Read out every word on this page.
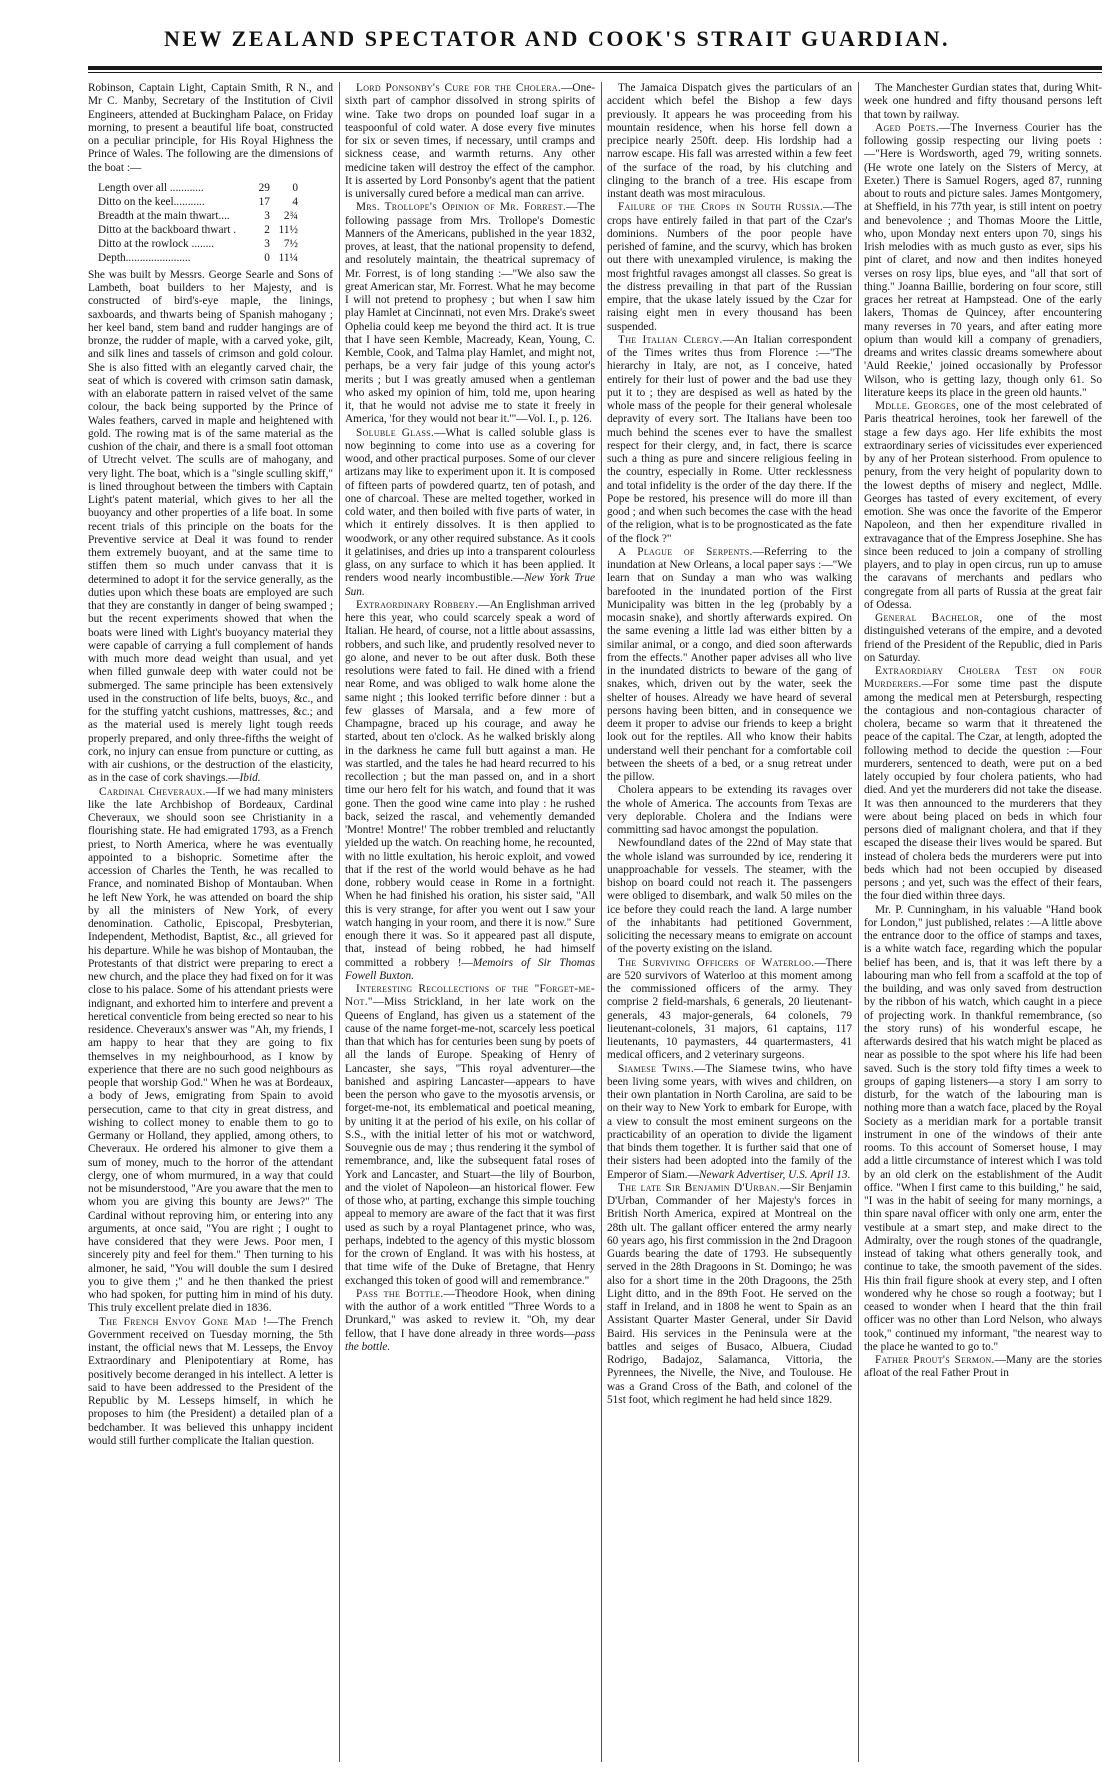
NEW ZEALAND SPECTATOR AND COOK'S STRAIT GUARDIAN.

Robinson, Captain Light, Captain Smith, R N., and Mr C. Manby, Secretary of the Institution of Civil Engineers, attended at Buckingham Palace, on Friday morning, to present a beautiful life boat, constructed on a peculiar principle, for His Royal Highness the Prince of Wales. The following are the dimensions of the boat :—

Length over all ............	29	0
Ditto on the keel...........	17	4
Breadth at the main thwart....	3	2¾
Ditto at the backboard thwart .	2	11½
Ditto at the rowlock ........	3	7½
Depth.......................	0	11¼

She was built by Messrs. George Searle and Sons of Lambeth, boat builders to her Majesty, and is constructed of bird's-eye maple, the linings, saxboards, and thwarts being of Spanish mahogany ; her keel band, stem band and rudder hangings are of bronze, the rudder of maple, with a carved yoke, gilt, and silk lines and tassels of crimson and gold colour. She is also fitted with an elegantly carved chair, the seat of which is covered with crimson satin damask, with an elaborate pattern in raised velvet of the same colour, the back being supported by the Prince of Wales feathers, carved in maple and heightened with gold. The rowing mat is of the same material as the cushion of the chair, and there is a small foot ottoman of Utrecht velvet. The sculls are of mahogany, and very light. The boat, which is a "single sculling skiff," is lined throughout between the timbers with Captain Light's patent material, which gives to her all the buoyancy and other properties of a life boat. In some recent trials of this principle on the boats for the Preventive service at Deal it was found to render them extremely buoyant, and at the same time to stiffen them so much under canvass that it is determined to adopt it for the service generally, as the duties upon which these boats are employed are such that they are constantly in danger of being swamped ; but the recent experiments showed that when the boats were lined with Light's buoyancy material they were capable of carrying a full complement of hands with much more dead weight than usual, and yet when filled gunwale deep with water could not be submerged. The same principle has been extensively used in the construction of life belts, buoys, &c., and for the stuffing yatcht cushions, mattresses, &c.; and as the material used is merely light tough reeds properly prepared, and only three-fifths the weight of cork, no injury can ensue from puncture or cutting, as with air cushions, or the destruction of the elasticity, as in the case of cork shavings.—Ibid.

Cardinal Cheveraux.—If we had many ministers like the late Archbishop of Bordeaux, Cardinal Cheveraux, we should soon see Christianity in a flourishing state. He had emigrated 1793, as a French priest, to North America, where he was eventually appointed to a bishopric. Sometime after the accession of Charles the Tenth, he was recalled to France, and nominated Bishop of Montauban. When he left New York, he was attended on board the ship by all the ministers of New York, of every denomination. Catholic, Episcopal, Presbyterian, Independent, Methodist, Baptist, &c., all grieved for his departure. While he was bishop of Montauban, the Protestants of that district were preparing to erect a new church, and the place they had fixed on for it was close to his palace. Some of his attendant priests were indignant, and exhorted him to interfere and prevent a heretical conventicle from being erected so near to his residence. Cheveraux's answer was "Ah, my friends, I am happy to hear that they are going to fix themselves in my neighbourhood, as I know by experience that there are no such good neighbours as people that worship God." When he was at Bordeaux, a body of Jews, emigrating from Spain to avoid persecution, came to that city in great distress, and wishing to collect money to enable them to go to Germany or Holland, they applied, among others, to Cheveraux. He ordered his almoner to give them a sum of money, much to the horror of the attendant clergy, one of whom murmured, in a way that could not be misunderstood, "Are you aware that the men to whom you are giving this bounty are Jews?" The Cardinal without reproving him, or entering into any arguments, at once said, "You are right ; I ought to have considered that they were Jews. Poor men, I sincerely pity and feel for them." Then turning to his almoner, he said, "You will double the sum I desired you to give them ;" and he then thanked the priest who had spoken, for putting him in mind of his duty. This truly excellent prelate died in 1836.

The French Envoy Gone Mad !—The French Government received on Tuesday morning, the 5th instant, the official news that M. Lesseps, the Envoy Extraordinary and Plenipotentiary at Rome, has positively become deranged in his intellect. A letter is said to have been addressed to the President of the Republic by M. Lesseps himself, in which he proposes to him (the President) a detailed plan of a bedchamber. It was believed this unhappy incident would still further complicate the Italian question.

Lord Ponsonby's Cure for the Cholera.—One-sixth part of camphor dissolved in strong spirits of wine. Take two drops on pounded loaf sugar in a teaspoonful of cold water. A dose every five minutes for six or seven times, if necessary, until cramps and sickness cease, and warmth returns. Any other medicine taken will destroy the effect of the camphor. It is asserted by Lord Ponsonby's agent that the patient is universally cured before a medical man can arrive.

Mrs. Trollope's Opinion of Mr. Forrest.—The following passage from Mrs. Trollope's Domestic Manners of the Americans, published in the year 1832, proves, at least, that the national propensity to defend, and resolutely maintain, the theatrical supremacy of Mr. Forrest, is of long standing :—"We also saw the great American star, Mr. Forrest. What he may become I will not pretend to prophesy ; but when I saw him play Hamlet at Cincinnati, not even Mrs. Drake's sweet Ophelia could keep me beyond the third act. It is true that I have seen Kemble, Macready, Kean, Young, C. Kemble, Cook, and Talma play Hamlet, and might not, perhaps, be a very fair judge of this young actor's merits ; but I was greatly amused when a gentleman who asked my opinion of him, told me, upon hearing it, that he would not advise me to state it freely in America, 'for they would not bear it.'"—Vol. I., p. 126.

Soluble Glass.—What is called soluble glass is now beginning to come into use as a covering for wood, and other practical purposes. Some of our clever artizans may like to experiment upon it. It is composed of fifteen parts of powdered quartz, ten of potash, and one of charcoal. These are melted together, worked in cold water, and then boiled with five parts of water, in which it entirely dissolves. It is then applied to woodwork, or any other required substance. As it cools it gelatinises, and dries up into a transparent colourless glass, on any surface to which it has been applied. It renders wood nearly incombustible.—New York True Sun.

Extraordinary Robbery.—An Englishman arrived here this year, who could scarcely speak a word of Italian. He heard, of course, not a little about assassins, robbers, and such like, and prudently resolved never to go alone, and never to be out after dusk. Both these resolutions were fated to fail. He dined with a friend near Rome, and was obliged to walk home alone the same night ; this looked terrific before dinner : but a few glasses of Marsala, and a few more of Champagne, braced up his courage, and away he started, about ten o'clock. As he walked briskly along in the darkness he came full butt against a man. He was startled, and the tales he had heard recurred to his recollection ; but the man passed on, and in a short time our hero felt for his watch, and found that it was gone. Then the good wine came into play : he rushed back, seized the rascal, and vehemently demanded 'Montre! Montre!' The robber trembled and reluctantly yielded up the watch. On reaching home, he recounted, with no little exultation, his heroic exploit, and vowed that if the rest of the world would behave as he had done, robbery would cease in Rome in a fortnight. When he had finished his oration, his sister said, "All this is very strange, for after you went out I saw your watch hanging in your room, and there it is now." Sure enough there it was. So it appeared past all dispute, that, instead of being robbed, he had himself committed a robbery !—Memoirs of Sir Thomas Fowell Buxton.

Interesting Recollections of the "Forget-me-Not."—Miss Strickland, in her late work on the Queens of England, has given us a statement of the cause of the name forget-me-not, scarcely less poetical than that which has for centuries been sung by poets of all the lands of Europe. Speaking of Henry of Lancaster, she says, "This royal adventurer—the banished and aspiring Lancaster—appears to have been the person who gave to the myosotis arvensis, or forget-me-not, its emblematical and poetical meaning, by uniting it at the period of his exile, on his collar of S.S., with the initial letter of his mot or watchword, Souvegnie ous de may ; thus rendering it the symbol of remembrance, and, like the subsequent fatal roses of York and Lancaster, and Stuart—the lily of Bourbon, and the violet of Napoleon—an historical flower. Few of those who, at parting, exchange this simple touching appeal to memory are aware of the fact that it was first used as such by a royal Plantagenet prince, who was, perhaps, indebted to the agency of this mystic blossom for the crown of England. It was with his hostess, at that time wife of the Duke of Bretagne, that Henry exchanged this token of good will and remembrance."

Pass the Bottle.—Theodore Hook, when dining with the author of a work entitled "Three Words to a Drunkard," was asked to review it. "Oh, my dear fellow, that I have done already in three words—pass the bottle.

The Jamaica Dispatch gives the particulars of an accident which befel the Bishop a few days previously. It appears he was proceeding from his mountain residence, when his horse fell down a precipice nearly 250ft. deep. His lordship had a narrow escape. His fall was arrested within a few feet of the surface of the road, by his clutching and clinging to the branch of a tree. His escape from instant death was most miraculous.

Failure of the Crops in South Russia.—The crops have entirely failed in that part of the Czar's dominions. Numbers of the poor people have perished of famine, and the scurvy, which has broken out there with unexampled virulence, is making the most frightful ravages amongst all classes. So great is the distress prevailing in that part of the Russian empire, that the ukase lately issued by the Czar for raising eight men in every thousand has been suspended.

The Italian Clergy.—An Italian correspondent of the Times writes thus from Florence :—"The hierarchy in Italy, are not, as I conceive, hated entirely for their lust of power and the bad use they put it to ; they are despised as well as hated by the whole mass of the people for their general wholesale depravity of every sort. The Italians have been too much behind the scenes ever to have the smallest respect for their clergy, and, in fact, there is scarce such a thing as pure and sincere religious feeling in the country, especially in Rome. Utter recklessness and total infidelity is the order of the day there. If the Pope be restored, his presence will do more ill than good ; and when such becomes the case with the head of the religion, what is to be prognosticated as the fate of the flock ?"

A Plague of Serpents.—Referring to the inundation at New Orleans, a local paper says :—"We learn that on Sunday a man who was walking barefooted in the inundated portion of the First Municipality was bitten in the leg (probably by a mocasin snake), and shortly afterwards expired. On the same evening a little lad was either bitten by a similar animal, or a congo, and died soon afterwards from the effects." Another paper advises all who live in the inundated districts to beware of the gang of snakes, which, driven out by the water, seek the shelter of houses. Already we have heard of several persons having been bitten, and in consequence we deem it proper to advise our friends to keep a bright look out for the reptiles. All who know their habits understand well their penchant for a comfortable coil between the sheets of a bed, or a snug retreat under the pillow.

Cholera appears to be extending its ravages over the whole of America. The accounts from Texas are very deplorable. Cholera and the Indians were committing sad havoc amongst the population.

Newfoundland dates of the 22nd of May state that the whole island was surrounded by ice, rendering it unapproachable for vessels. The steamer, with the bishop on board could not reach it. The passengers were obliged to disembark, and walk 50 miles on the ice before they could reach the land. A large number of the inhabitants had petitioned Government, soliciting the necessary means to emigrate on account of the poverty existing on the island.

The Surviving Officers of Waterloo.—There are 520 survivors of Waterloo at this moment among the commissioned officers of the army. They comprise 2 field-marshals, 6 generals, 20 lieutenant-generals, 43 major-generals, 64 colonels, 79 lieutenant-colonels, 31 majors, 61 captains, 117 lieutenants, 10 paymasters, 44 quartermasters, 41 medical officers, and 2 veterinary surgeons.

Siamese Twins.—The Siamese twins, who have been living some years, with wives and children, on their own plantation in North Carolina, are said to be on their way to New York to embark for Europe, with a view to consult the most eminent surgeons on the practicability of an operation to divide the ligament that binds them together. It is further said that one of their sisters had been adopted into the family of the Emperor of Siam.—Newark Advertiser, U.S. April 13.

The late Sir Benjamin D'Urban.—Sir Benjamin D'Urban, Commander of her Majesty's forces in British North America, expired at Montreal on the 28th ult. The gallant officer entered the army nearly 60 years ago, his first commission in the 2nd Dragoon Guards bearing the date of 1793. He subsequently served in the 28th Dragoons in St. Domingo; he was also for a short time in the 20th Dragoons, the 25th Light ditto, and in the 89th Foot. He served on the staff in Ireland, and in 1808 he went to Spain as an Assistant Quarter Master General, under Sir David Baird. His services in the Peninsula were at the battles and seiges of Busaco, Albuera, Ciudad Rodrigo, Badajoz, Salamanca, Vittoria, the Pyrennees, the Nivelle, the Nive, and Toulouse. He was a Grand Cross of the Bath, and colonel of the 51st foot, which regiment he had held since 1829.

The Manchester Gurdian states that, during Whit-week one hundred and fifty thousand persons left that town by railway.

Aged Poets.—The Inverness Courier has the following gossip respecting our living poets :—"Here is Wordsworth, aged 79, writing sonnets. (He wrote one lately on the Sisters of Mercy, at Exeter.) There is Samuel Rogers, aged 87, running about to routs and picture sales. James Montgomery, at Sheffield, in his 77th year, is still intent on poetry and benevolence ; and Thomas Moore the Little, who, upon Monday next enters upon 70, sings his Irish melodies with as much gusto as ever, sips his pint of claret, and now and then indites honeyed verses on rosy lips, blue eyes, and "all that sort of thing." Joanna Baillie, bordering on four score, still graces her retreat at Hampstead. One of the early lakers, Thomas de Quincey, after encountering many reverses in 70 years, and after eating more opium than would kill a company of grenadiers, dreams and writes classic dreams somewhere about 'Auld Reekie,' joined occasionally by Professor Wilson, who is getting lazy, though only 61. So literature keeps its place in the green old haunts."

Mdlle. Georges, one of the most celebrated of Paris theatrical heroines, took her farewell of the stage a few days ago. Her life exhibits the most extraordinary series of vicissitudes ever experienced by any of her Protean sisterhood. From opulence to penury, from the very height of popularity down to the lowest depths of misery and neglect, Mdlle. Georges has tasted of every excitement, of every emotion. She was once the favorite of the Emperor Napoleon, and then her expenditure rivalled in extravagance that of the Empress Josephine. She has since been reduced to join a company of strolling players, and to play in open circus, run up to amuse the caravans of merchants and pedlars who congregate from all parts of Russia at the great fair of Odessa.

General Bachelor, one of the most distinguished veterans of the empire, and a devoted friend of the President of the Republic, died in Paris on Saturday.

Extraordiary Cholera Test on four Murderers.—For some time past the dispute among the medical men at Petersburgh, respecting the contagious and non-contagious character of cholera, became so warm that it threatened the peace of the capital. The Czar, at length, adopted the following method to decide the question :—Four murderers, sentenced to death, were put on a bed lately occupied by four cholera patients, who had died. And yet the murderers did not take the disease. It was then announced to the murderers that they were about being placed on beds in which four persons died of malignant cholera, and that if they escaped the disease their lives would be spared. But instead of cholera beds the murderers were put into beds which had not been occupied by diseased persons ; and yet, such was the effect of their fears, the four died within three days.

Mr. P. Cunningham, in his valuable "Hand book for London," just published, relates :—A little above the entrance door to the office of stamps and taxes, is a white watch face, regarding which the popular belief has been, and is, that it was left there by a labouring man who fell from a scaffold at the top of the building, and was only saved from destruction by the ribbon of his watch, which caught in a piece of projecting work. In thankful remembrance, (so the story runs) of his wonderful escape, he afterwards desired that his watch might be placed as near as possible to the spot where his life had been saved. Such is the story told fifty times a week to groups of gaping listeners—a story I am sorry to disturb, for the watch of the labouring man is nothing more than a watch face, placed by the Royal Society as a meridian mark for a portable transit instrument in one of the windows of their ante rooms. To this account of Somerset house, I may add a little circumstance of interest which I was told by an old clerk on the establishment of the Audit office. "When I first came to this building," he said, "I was in the habit of seeing for many mornings, a thin spare naval officer with only one arm, enter the vestibule at a smart step, and make direct to the Admiralty, over the rough stones of the quadrangle, instead of taking what others generally took, and continue to take, the smooth pavement of the sides. His thin frail figure shook at every step, and I often wondered why he chose so rough a footway; but I ceased to wonder when I heard that the thin frail officer was no other than Lord Nelson, who always took," continued my informant, "the nearest way to the place he wanted to go to."

Father Prout's Sermon.—Many are the stories afloat of the real Father Prout in
